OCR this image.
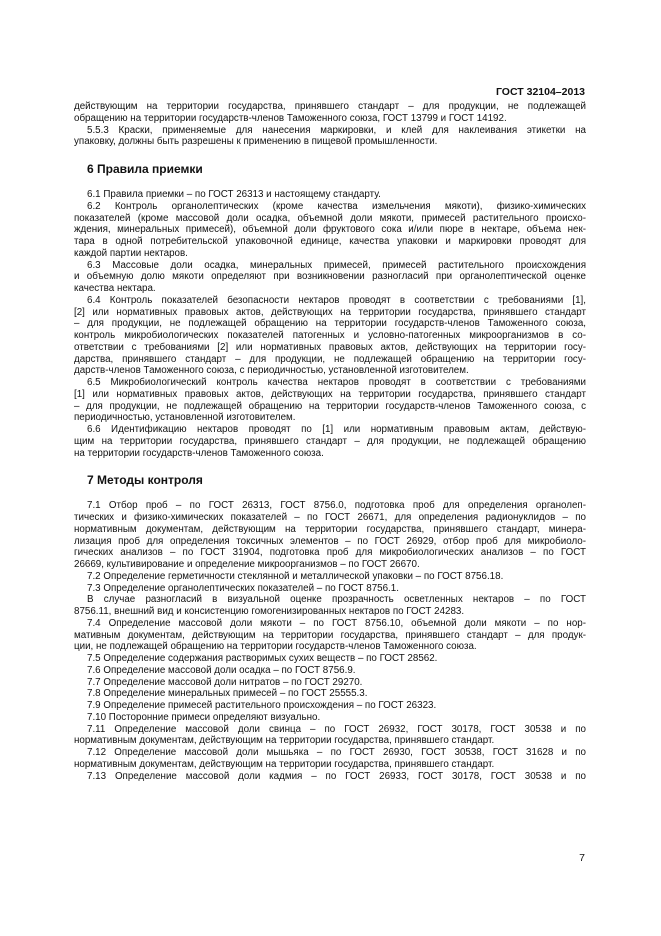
ГОСТ 32104–2013
действующим на территории государства, принявшего стандарт – для продукции, не подлежащей
обращению на территории государств-членов Таможенного союза, ГОСТ 13799 и ГОСТ 14192.
5.5.3 Краски, применяемые для нанесения маркировки, и клей для наклеивания этикетки на
упаковку, должны быть разрешены к применению в пищевой промышленности.
6 Правила приемки
6.1 Правила приемки – по ГОСТ 26313 и настоящему стандарту.
6.2 Контроль органолептических (кроме качества измельчения мякоти), физико-химических
показателей (кроме массовой доли осадка, объемной доли мякоти, примесей растительного происхо-
ждения, минеральных примесей), объемной доли фруктового сока и/или пюре в нектаре, объема нек-
тара в одной потребительской упаковочной единице, качества упаковки и маркировки проводят для
каждой партии нектаров.
6.3 Массовые доли осадка, минеральных примесей, примесей растительного происхождения
и объемную долю мякоти определяют при возникновении разногласий при органолептической оценке
качества нектара.
6.4 Контроль показателей безопасности нектаров проводят в соответствии с требованиями [1],
[2] или нормативных правовых актов, действующих на территории государства, принявшего стандарт
– для продукции, не подлежащей обращению на территории государств-членов Таможенного союза,
контроль микробиологических показателей патогенных и условно-патогенных микроорганизмов в со-
ответствии с требованиями [2] или нормативных правовых актов, действующих на территории госу-
дарства, принявшего стандарт – для продукции, не подлежащей обращению на территории госу-
дарств-членов Таможенного союза, с периодичностью, установленной изготовителем.
6.5 Микробиологический контроль качества нектаров проводят в соответствии с требованиями
[1] или нормативных правовых актов, действующих на территории государства, принявшего стандарт
– для продукции, не подлежащей обращению на территории государств-членов Таможенного союза, с
периодичностью, установленной изготовителем.
6.6 Идентификацию нектаров проводят по [1] или нормативным правовым актам, действую-
щим на территории государства, принявшего стандарт – для продукции, не подлежащей обращению
на территории государств-членов Таможенного союза.
7 Методы контроля
7.1 Отбор проб – по ГОСТ 26313, ГОСТ 8756.0, подготовка проб для определения органолеп-
тических и физико-химических показателей – по ГОСТ 26671, для определения радионуклидов – по
нормативным документам, действующим на территории государства, принявшего стандарт, минера-
лизация проб для определения токсичных элементов – по ГОСТ 26929, отбор проб для микробиоло-
гических анализов – по ГОСТ 31904, подготовка проб для микробиологических анализов – по ГОСТ
26669, культивирование и определение микроорганизмов – по ГОСТ 26670.
7.2 Определение герметичности стеклянной и металлической упаковки – по ГОСТ 8756.18.
7.3 Определение органолептических показателей – по ГОСТ 8756.1.
В случае разногласий в визуальной оценке прозрачность осветленных нектаров – по ГОСТ
8756.11, внешний вид и консистенцию гомогенизированных нектаров по ГОСТ 24283.
7.4 Определение массовой доли мякоти – по ГОСТ 8756.10, объемной доли мякоти – по нор-
мативным документам, действующим на территории государства, принявшего стандарт – для продук-
ции, не подлежащей обращению на территории государств-членов Таможенного союза.
7.5 Определение содержания растворимых сухих веществ – по ГОСТ 28562.
7.6 Определение массовой доли осадка – по ГОСТ 8756.9.
7.7 Определение массовой доли нитратов – по ГОСТ 29270.
7.8 Определение минеральных примесей – по ГОСТ 25555.3.
7.9 Определение примесей растительного происхождения – по ГОСТ 26323.
7.10 Посторонние примеси определяют визуально.
7.11 Определение массовой доли свинца – по ГОСТ 26932, ГОСТ 30178, ГОСТ 30538 и по
нормативным документам, действующим на территории государства, принявшего стандарт.
7.12 Определение массовой доли мышьяка – по ГОСТ 26930, ГОСТ 30538, ГОСТ 31628 и по
нормативным документам, действующим на территории государства, принявшего стандарт.
7.13 Определение массовой доли кадмия – по ГОСТ 26933, ГОСТ 30178, ГОСТ 30538 и по
7
